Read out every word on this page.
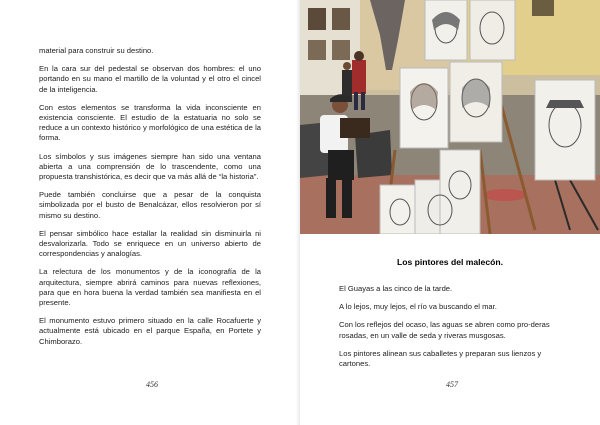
material para construir su destino.

En la cara sur del pedestal se observan dos hombres: el uno portando en su mano el martillo de la voluntad y el otro el cincel de la inteligencia.

Con estos elementos se transforma la vida inconsciente en existencia consciente. El estudio de la estatuaria no solo se reduce a un contexto histórico y morfológico de una estética de la forma.

Los símbolos y sus imágenes siempre han sido una ventana abierta a una comprensión de lo trascendente, como una propuesta transhistórica, es decir que va más allá de “la historia”.

Puede también concluirse que a pesar de la conquista simbolizada por el busto de Benalcázar, ellos resolvieron por sí mismo su destino.

El pensar simbólico hace estallar la realidad sin disminuirla ni desvalorizarla. Todo se enriquece en un universo abierto de correspondencias y analogías.

La relectura de los monumentos y de la iconografía de la arquitectura, siempre abrirá caminos para nuevas reflexiones, para que en hora buena la verdad también sea manifiesta en el presente.

El monumento estuvo primero situado en la calle Rocafuerte y actualmente está ubicado en el parque España, en Portete y Chimborazo.

456
Los pintores del malecón.

El Guayas a las cinco de la tarde.

A lo lejos, muy lejos, el río va buscando el mar.

Con los reflejos del ocaso, las aguas se abren como pro-deras rosadas, en un valle de seda y riveras musgosas.

Los pintores alinean sus caballetes y preparan sus lienzos y cartones.

457
